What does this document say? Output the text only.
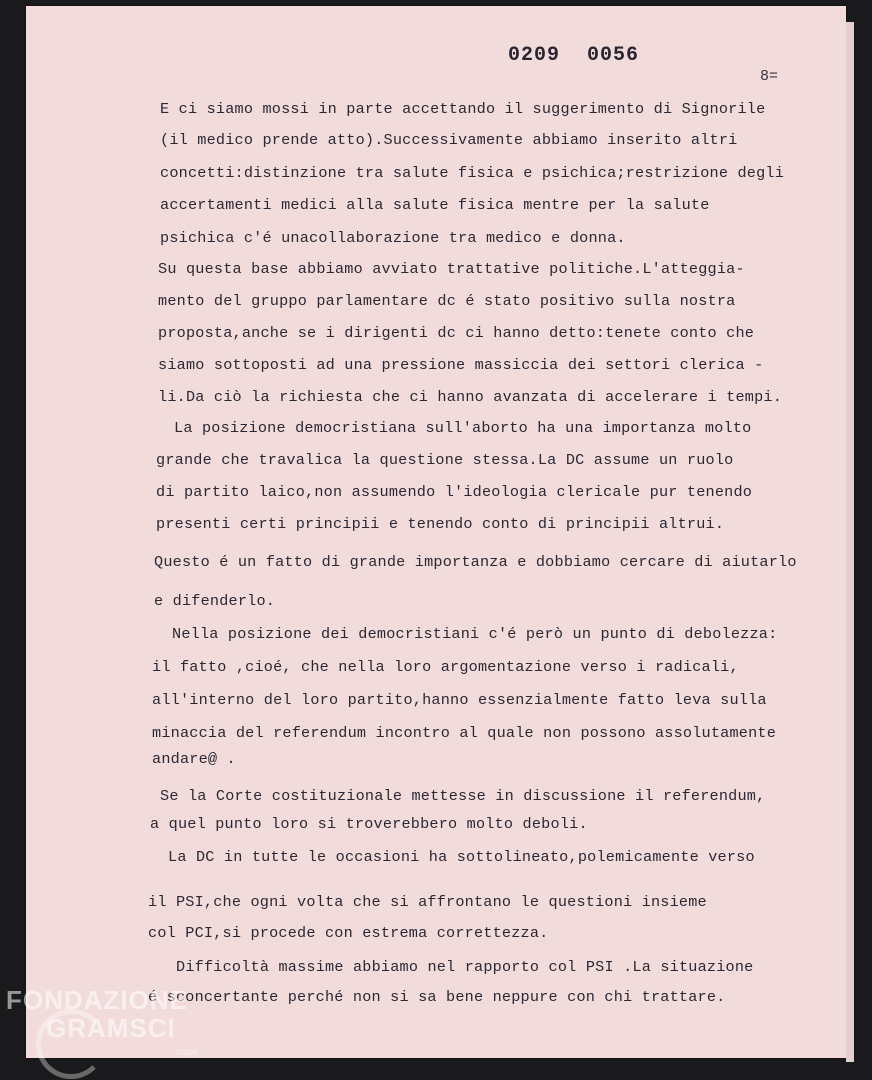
0209 0056
8=
E ci siamo mossi in parte accettando il suggerimento di Signorile
(il medico prende atto).Successivamente abbiamo inserito altri
concetti:distinzione tra salute fisica e psichica;restrizione degli
accertamenti medici alla salute fisica mentre per la salute
psichica c'é unacollaborazione tra medico e donna.
Su questa base abbiamo avviato trattative politiche.L'atteggia-
mento del gruppo parlamentare dc é stato positivo sulla nostra
proposta,anche se i dirigenti dc ci hanno detto:tenete conto che
siamo sottoposti ad una pressione massiccia dei settori clerica -
li.Da ciò la richiesta che ci hanno avanzata di accelerare i tempi.
La posizione democristiana sull'aborto ha una importanza molto
grande che travalica la questione stessa.La DC assume un ruolo
di partito laico,non assumendo l'ideologia clericale pur tenendo
presenti certi principii e tenendo conto di principii altrui.
Questo é un fatto di grande importanza e dobbiamo cercare di aiutarlo
e difenderlo.
Nella posizione dei democristiani c'é però un punto di debolezza:
il fatto ,cioé, che nella loro argomentazione verso i radicali,
all'interno del loro partito,hanno essenzialmente fatto leva sulla
minaccia del referendum incontro al quale non possono assolutamente
andare@ .
Se la Corte costituzionale mettesse in discussione il referendum,
a quel punto loro si troverebbero molto deboli.
La DC in tutte le occasioni ha sottolineato,polemicamente verso
il PSI,che ogni volta che si affrontano le questioni insieme
col PCI,si procede con estrema correttezza.
Difficoltà massime abbiamo nel rapporto col PSI .La situazione
é sconcertante perché non si sa bene neppure con chi trattare.
FONDAZIONE
GRAMSCI
onlus
